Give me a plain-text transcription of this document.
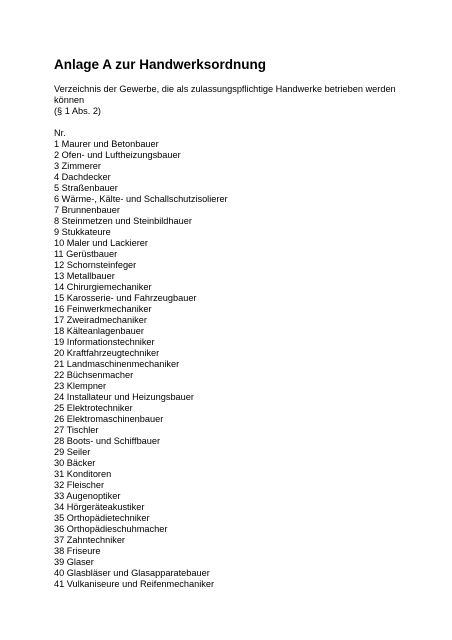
Anlage A zur Handwerksordnung

Verzeichnis der Gewerbe, die als zulassungspflichtige Handwerke betrieben werden können
(§ 1 Abs. 2)

Nr.

1 Maurer und Betonbauer
2 Ofen- und Luftheizungsbauer
3 Zimmerer
4 Dachdecker
5 Straßenbauer
6 Wärme-, Kälte- und Schallschutzisolierer
7 Brunnenbauer
8 Steinmetzen und Steinbildhauer
9 Stukkateure
10 Maler und Lackierer
11 Gerüstbauer
12 Schornsteinfeger
13 Metallbauer
14 Chirurgiemechaniker
15 Karosserie- und Fahrzeugbauer
16 Feinwerkmechaniker
17 Zweiradmechaniker
18 Kälteanlagenbauer
19 Informationstechniker
20 Kraftfahrzeugtechniker
21 Landmaschinenmechaniker
22 Büchsenmacher
23 Klempner
24 Installateur und Heizungsbauer
25 Elektrotechniker
26 Elektromaschinenbauer
27 Tischler
28 Boots- und Schiffbauer
29 Seiler
30 Bäcker
31 Konditoren
32 Fleischer
33 Augenoptiker
34 Hörgeräteakustiker
35 Orthopädietechniker
36 Orthopädieschuhmacher
37 Zahntechniker
38 Friseure
39 Glaser
40 Glasbläser und Glasapparatebauer
41 Vulkaniseure und Reifenmechaniker
